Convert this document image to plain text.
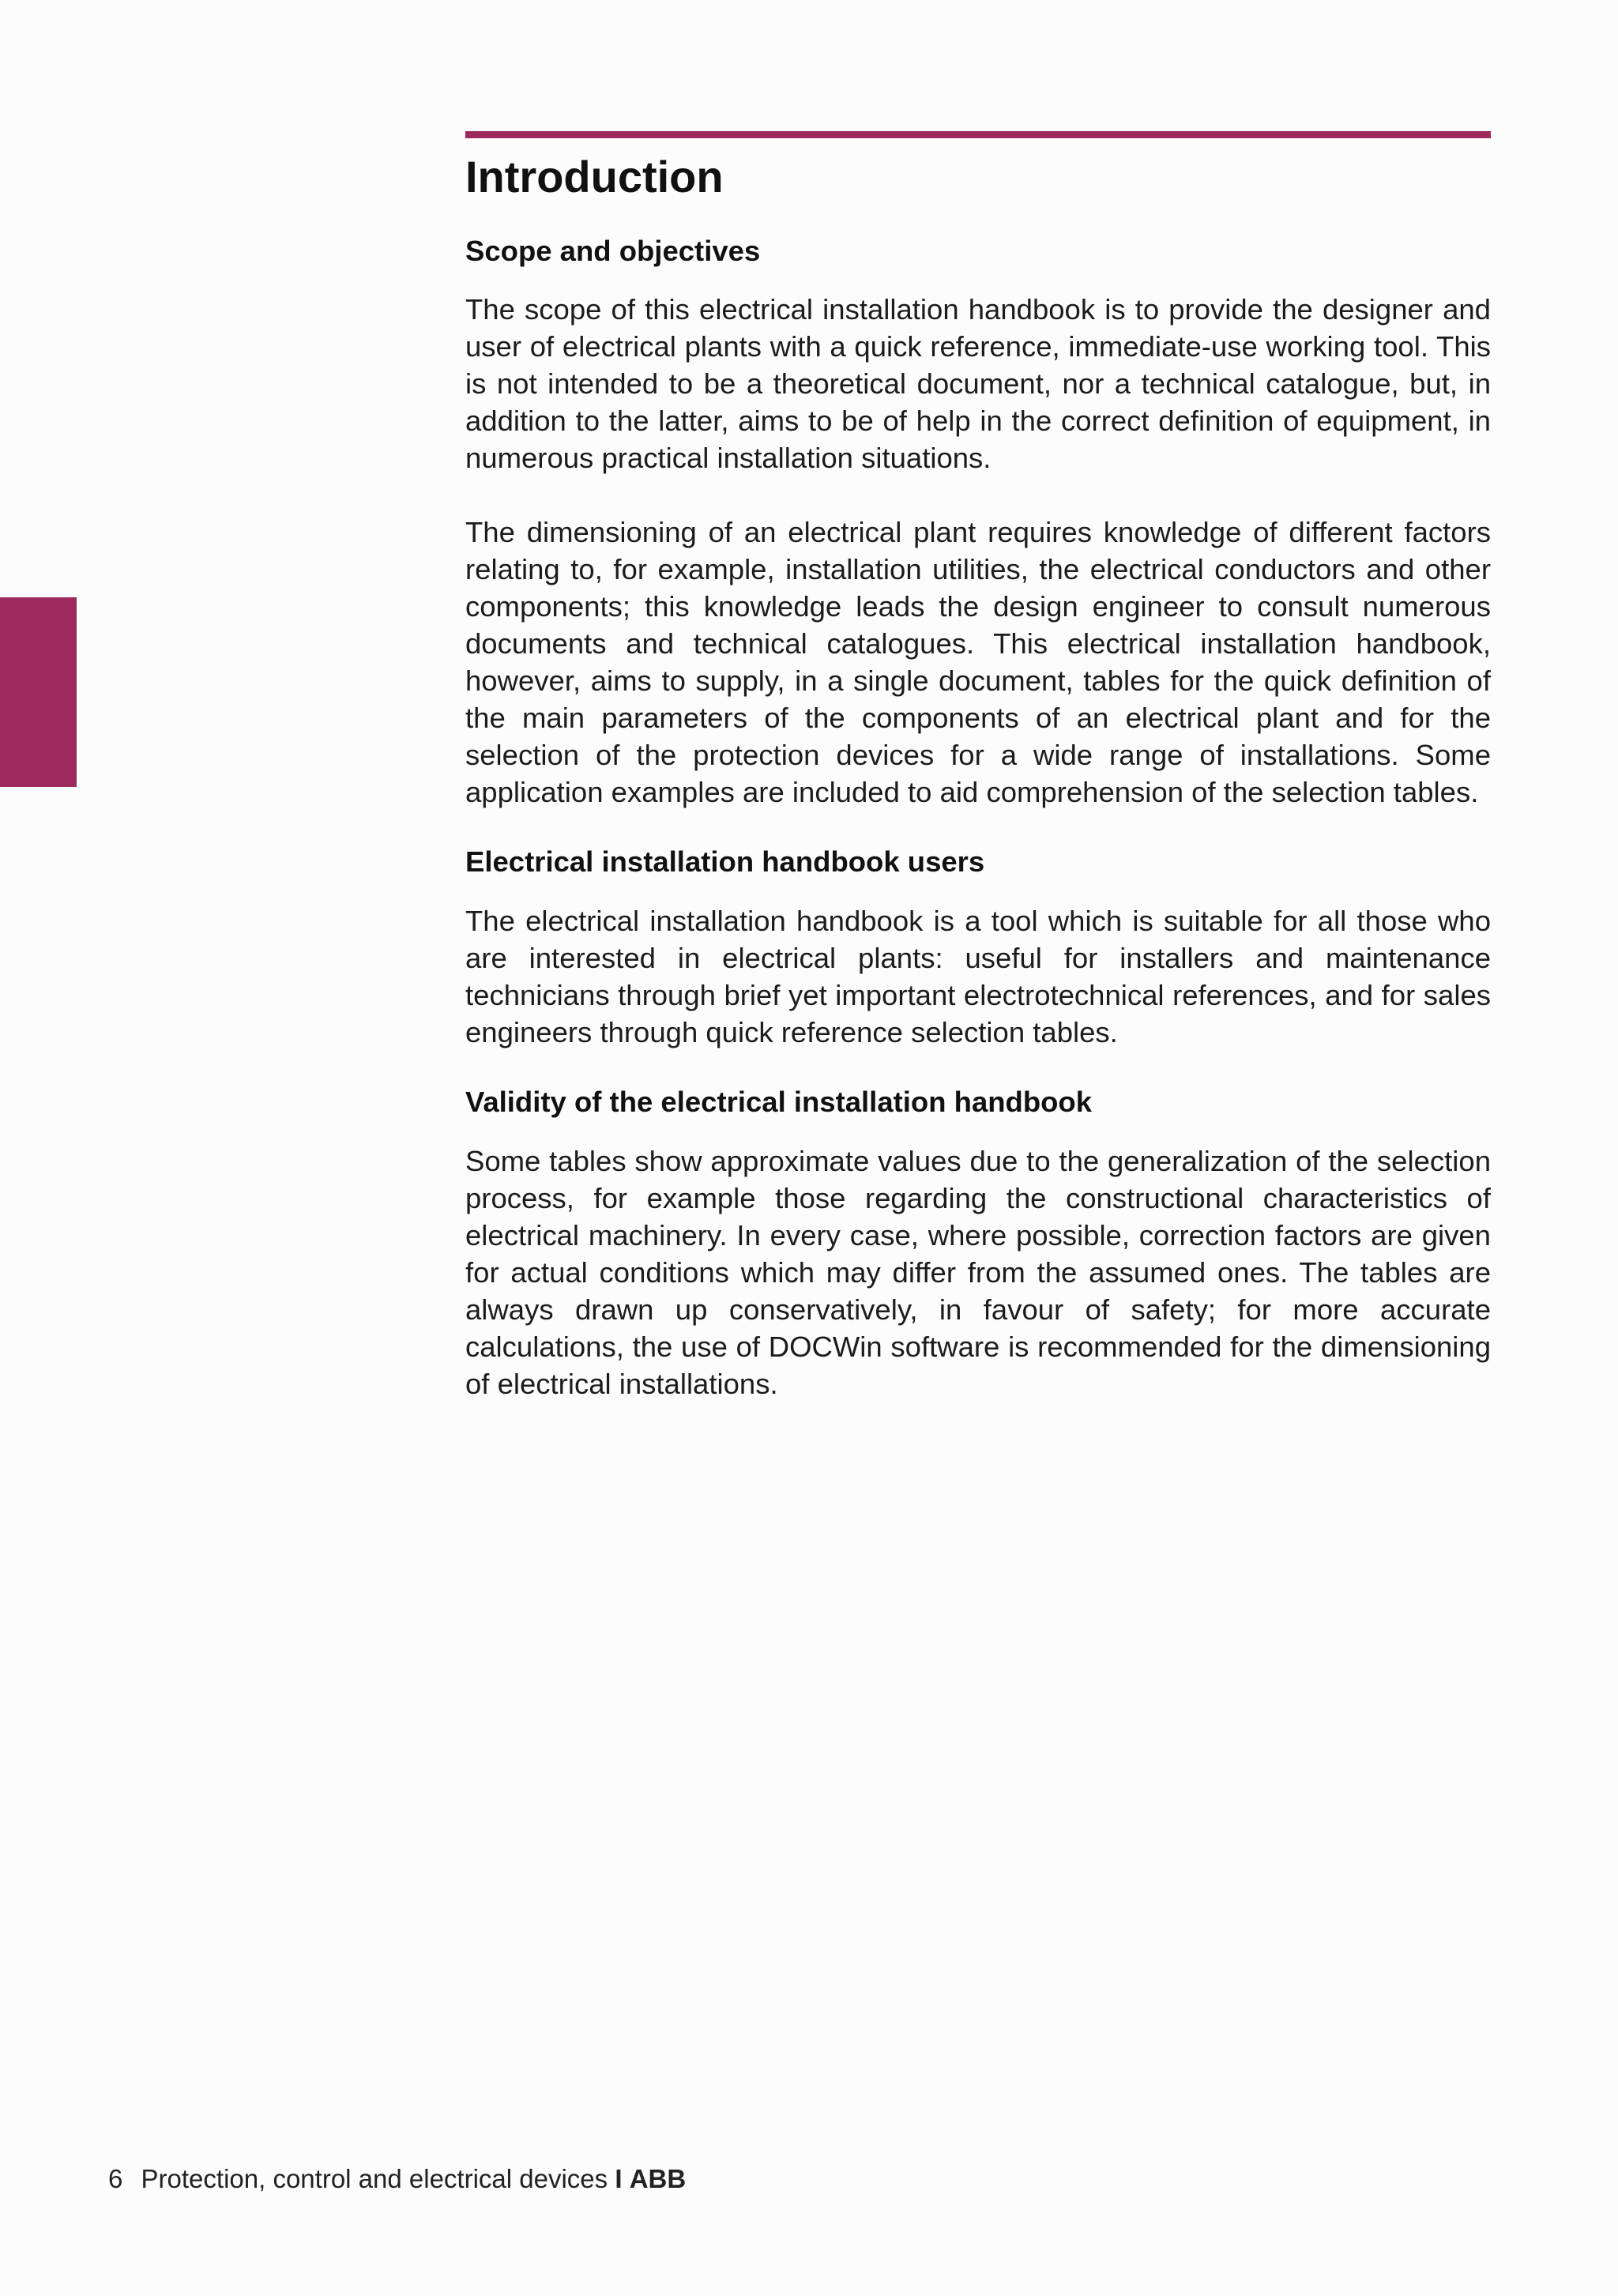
Introduction
Scope and objectives

The scope of this electrical installation handbook is to provide the designer and user of electrical plants with a quick reference, immediate-use working tool. This is not intended to be a theoretical document, nor a technical catalogue, but, in addition to the latter, aims to be of help in the correct definition of equipment, in numerous practical installation situations.

The dimensioning of an electrical plant requires knowledge of different factors relating to, for example, installation utilities, the electrical conductors and other components; this knowledge leads the design engineer to consult numerous documents and technical catalogues. This electrical installation handbook, however, aims to supply, in a single document, tables for the quick definition of the main parameters of the components of an electrical plant and for the selection of the protection devices for a wide range of installations. Some application examples are included to aid comprehension of the selection tables.

Electrical installation handbook users

The electrical installation handbook is a tool which is suitable for all those who are interested in electrical plants: useful for installers and maintenance technicians through brief yet important electrotechnical references, and for sales engineers through quick reference selection tables.

Validity of the electrical installation handbook

Some tables show approximate values due to the generalization of the selection process, for example those regarding the constructional characteristics of electrical machinery. In every case, where possible, correction factors are given for actual conditions which may differ from the assumed ones. The tables are always drawn up conservatively, in favour of safety; for more accurate calculations, the use of DOCWin software is recommended for the dimensioning of electrical installations.

6 Protection, control and electrical devices I ABB
